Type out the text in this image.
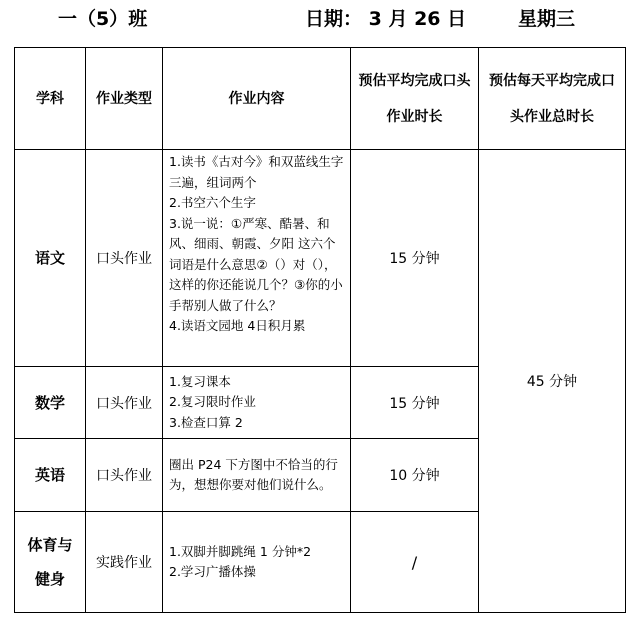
一（5）班	日期： 3 月 26 日	星期三
学科	作业类型	作业内容	预估平均完成口头作业时长	预估每天平均完成口头作业总时长
语文	口头作业	1.读书《古对今》和双蓝线生字三遍，组词两个
2.书空六个生字
3.说一说：①严寒、酷暑、和风、细雨、朝霞、夕阳 这六个词语是什么意思②（）对（），这样的你还能说几个？③你的小手帮别人做了什么？
4.读语文园地 4日积月累	15 分钟	45 分钟
数学	口头作业	1.复习课本
2.复习限时作业
3.检查口算 2	15 分钟	
英语	口头作业	圈出 P24 下方图中不恰当的行为，想想你要对他们说什么。	10 分钟	
体育与健身	实践作业	1.双脚并脚跳绳 1 分钟*2
2.学习广播体操	/	
